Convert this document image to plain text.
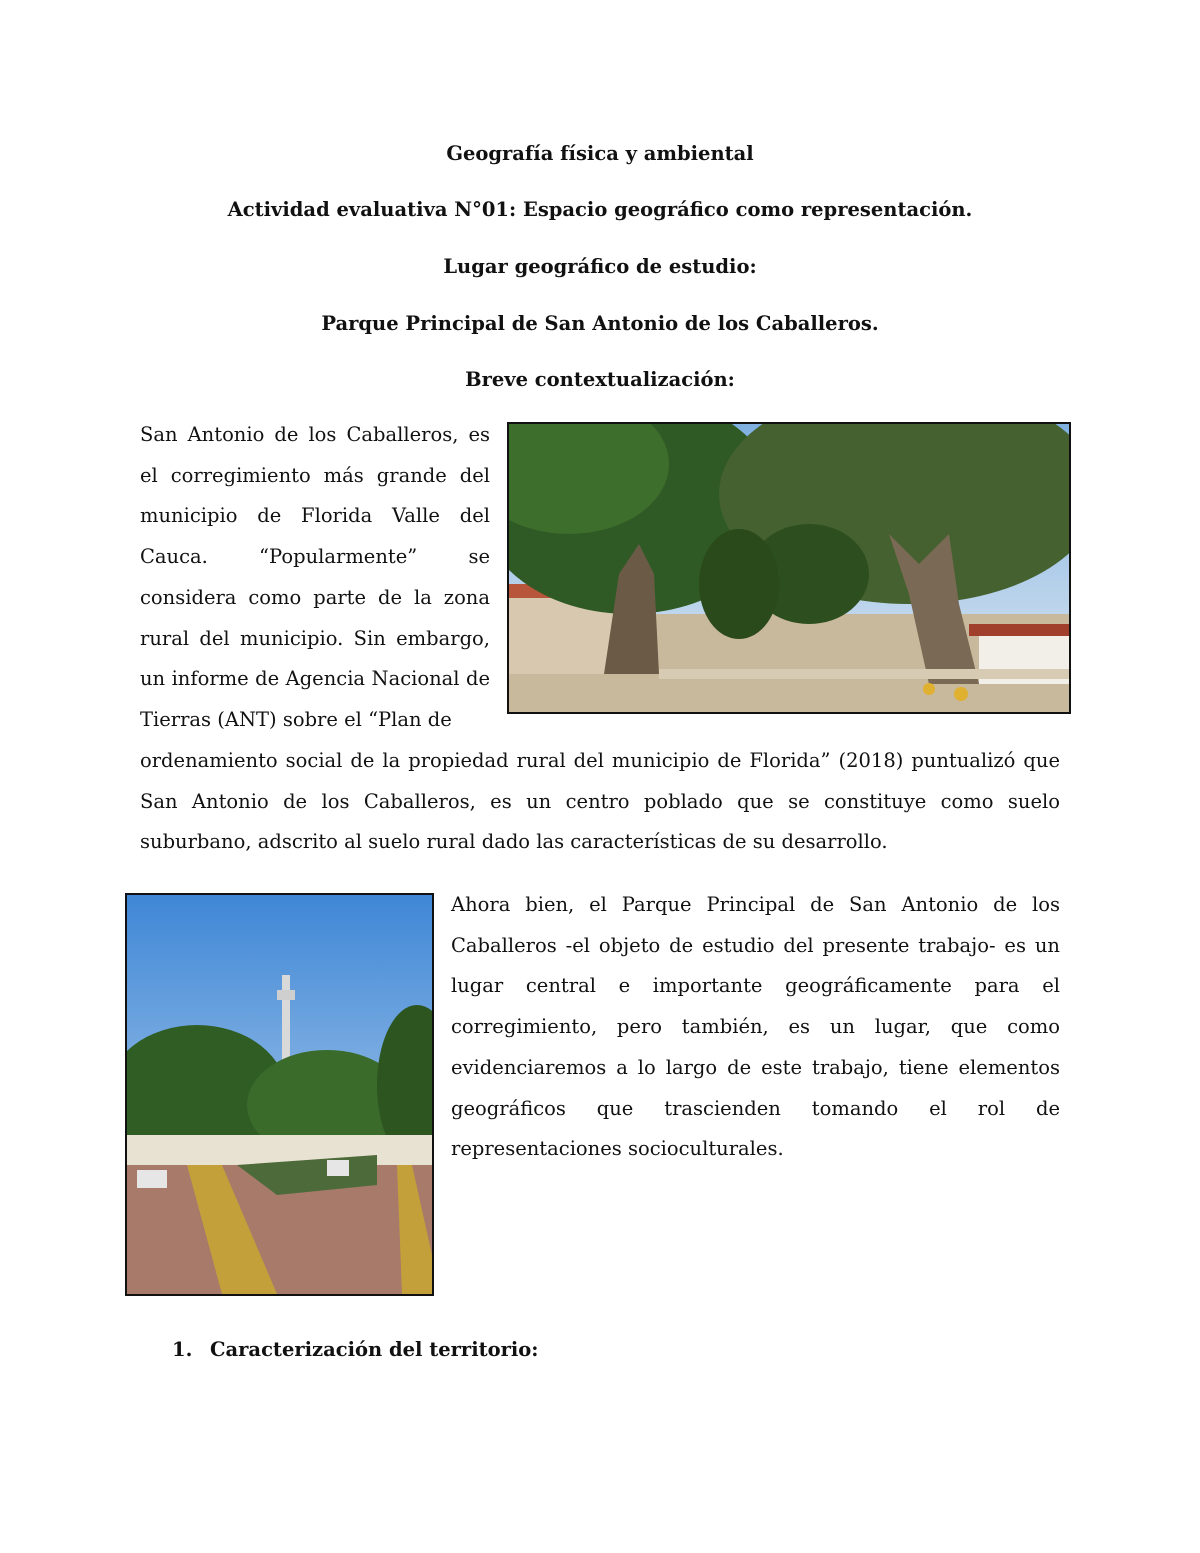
Geografía física y ambiental
Actividad evaluativa N°01: Espacio geográfico como representación.
Lugar geográfico de estudio:
Parque Principal de San Antonio de los Caballeros.
Breve contextualización:

San Antonio de los Caballeros, es el corregimiento más grande del municipio de Florida Valle del Cauca. “Popularmente” se considera como parte de la zona rural del municipio. Sin embargo, un informe de Agencia Nacional de Tierras (ANT) sobre el “Plan de

ordenamiento social de la propiedad rural del municipio de Florida” (2018) puntualizó que San Antonio de los Caballeros, es un centro poblado que se constituye como suelo suburbano, adscrito al suelo rural dado las características de su desarrollo.

Ahora bien, el Parque Principal de San Antonio de los Caballeros -el objeto de estudio del presente trabajo- es un lugar central e importante geográficamente para el corregimiento, pero también, es un lugar, que como evidenciaremos a lo largo de este trabajo, tiene elementos geográficos que trascienden tomando el rol de representaciones socioculturales.

1. Caracterización del territorio:
